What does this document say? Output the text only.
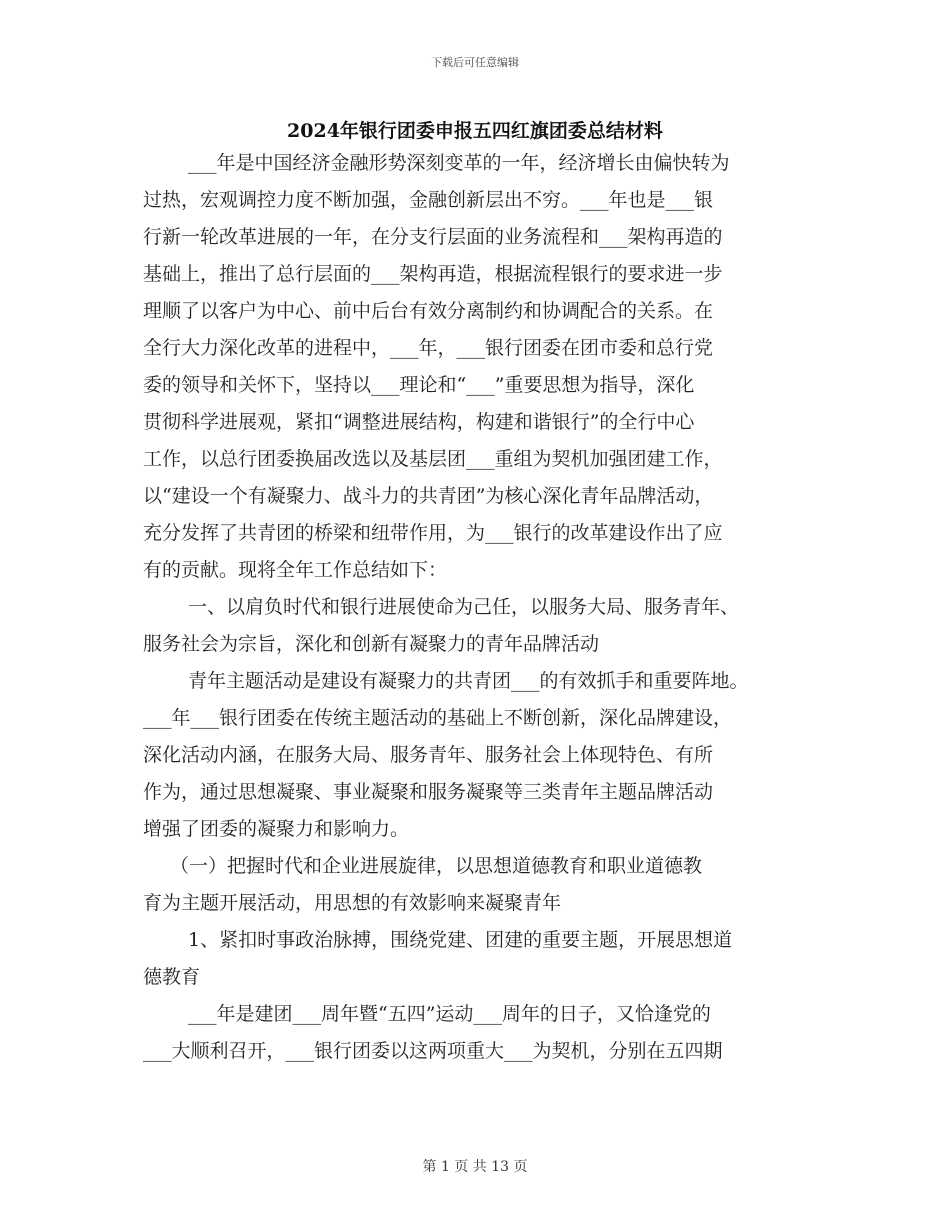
下载后可任意编辑
2024年银行团委申报五四红旗团委总结材料
___年是中国经济金融形势深刻变革的一年，经济增长由偏快转为
过热，宏观调控力度不断加强，金融创新层出不穷。___年也是___银
行新一轮改革进展的一年，在分支行层面的业务流程和___架构再造的
基础上，推出了总行层面的___架构再造，根据流程银行的要求进一步
理顺了以客户为中心、前中后台有效分离制约和协调配合的关系。在
全行大力深化改革的进程中，___年，___银行团委在团市委和总行党
委的领导和关怀下，坚持以___理论和“___”重要思想为指导，深化
贯彻科学进展观，紧扣“调整进展结构，构建和谐银行”的全行中心
工作，以总行团委换届改选以及基层团___重组为契机加强团建工作，
以“建设一个有凝聚力、战斗力的共青团”为核心深化青年品牌活动，
充分发挥了共青团的桥梁和纽带作用，为___银行的改革建设作出了应
有的贡献。现将全年工作总结如下：
一、以肩负时代和银行进展使命为己任，以服务大局、服务青年、
服务社会为宗旨，深化和创新有凝聚力的青年品牌活动
青年主题活动是建设有凝聚力的共青团___的有效抓手和重要阵地。
___年___银行团委在传统主题活动的基础上不断创新，深化品牌建设，
深化活动内涵，在服务大局、服务青年、服务社会上体现特色、有所
作为，通过思想凝聚、事业凝聚和服务凝聚等三类青年主题品牌活动
增强了团委的凝聚力和影响力。
（一）把握时代和企业进展旋律，以思想道德教育和职业道德教
育为主题开展活动，用思想的有效影响来凝聚青年
1、紧扣时事政治脉搏，围绕党建、团建的重要主题，开展思想道
德教育
___年是建团___周年暨“五四”运动___周年的日子，又恰逢党的
___大顺利召开，___银行团委以这两项重大___为契机，分别在五四期
第 1 页 共 13 页
